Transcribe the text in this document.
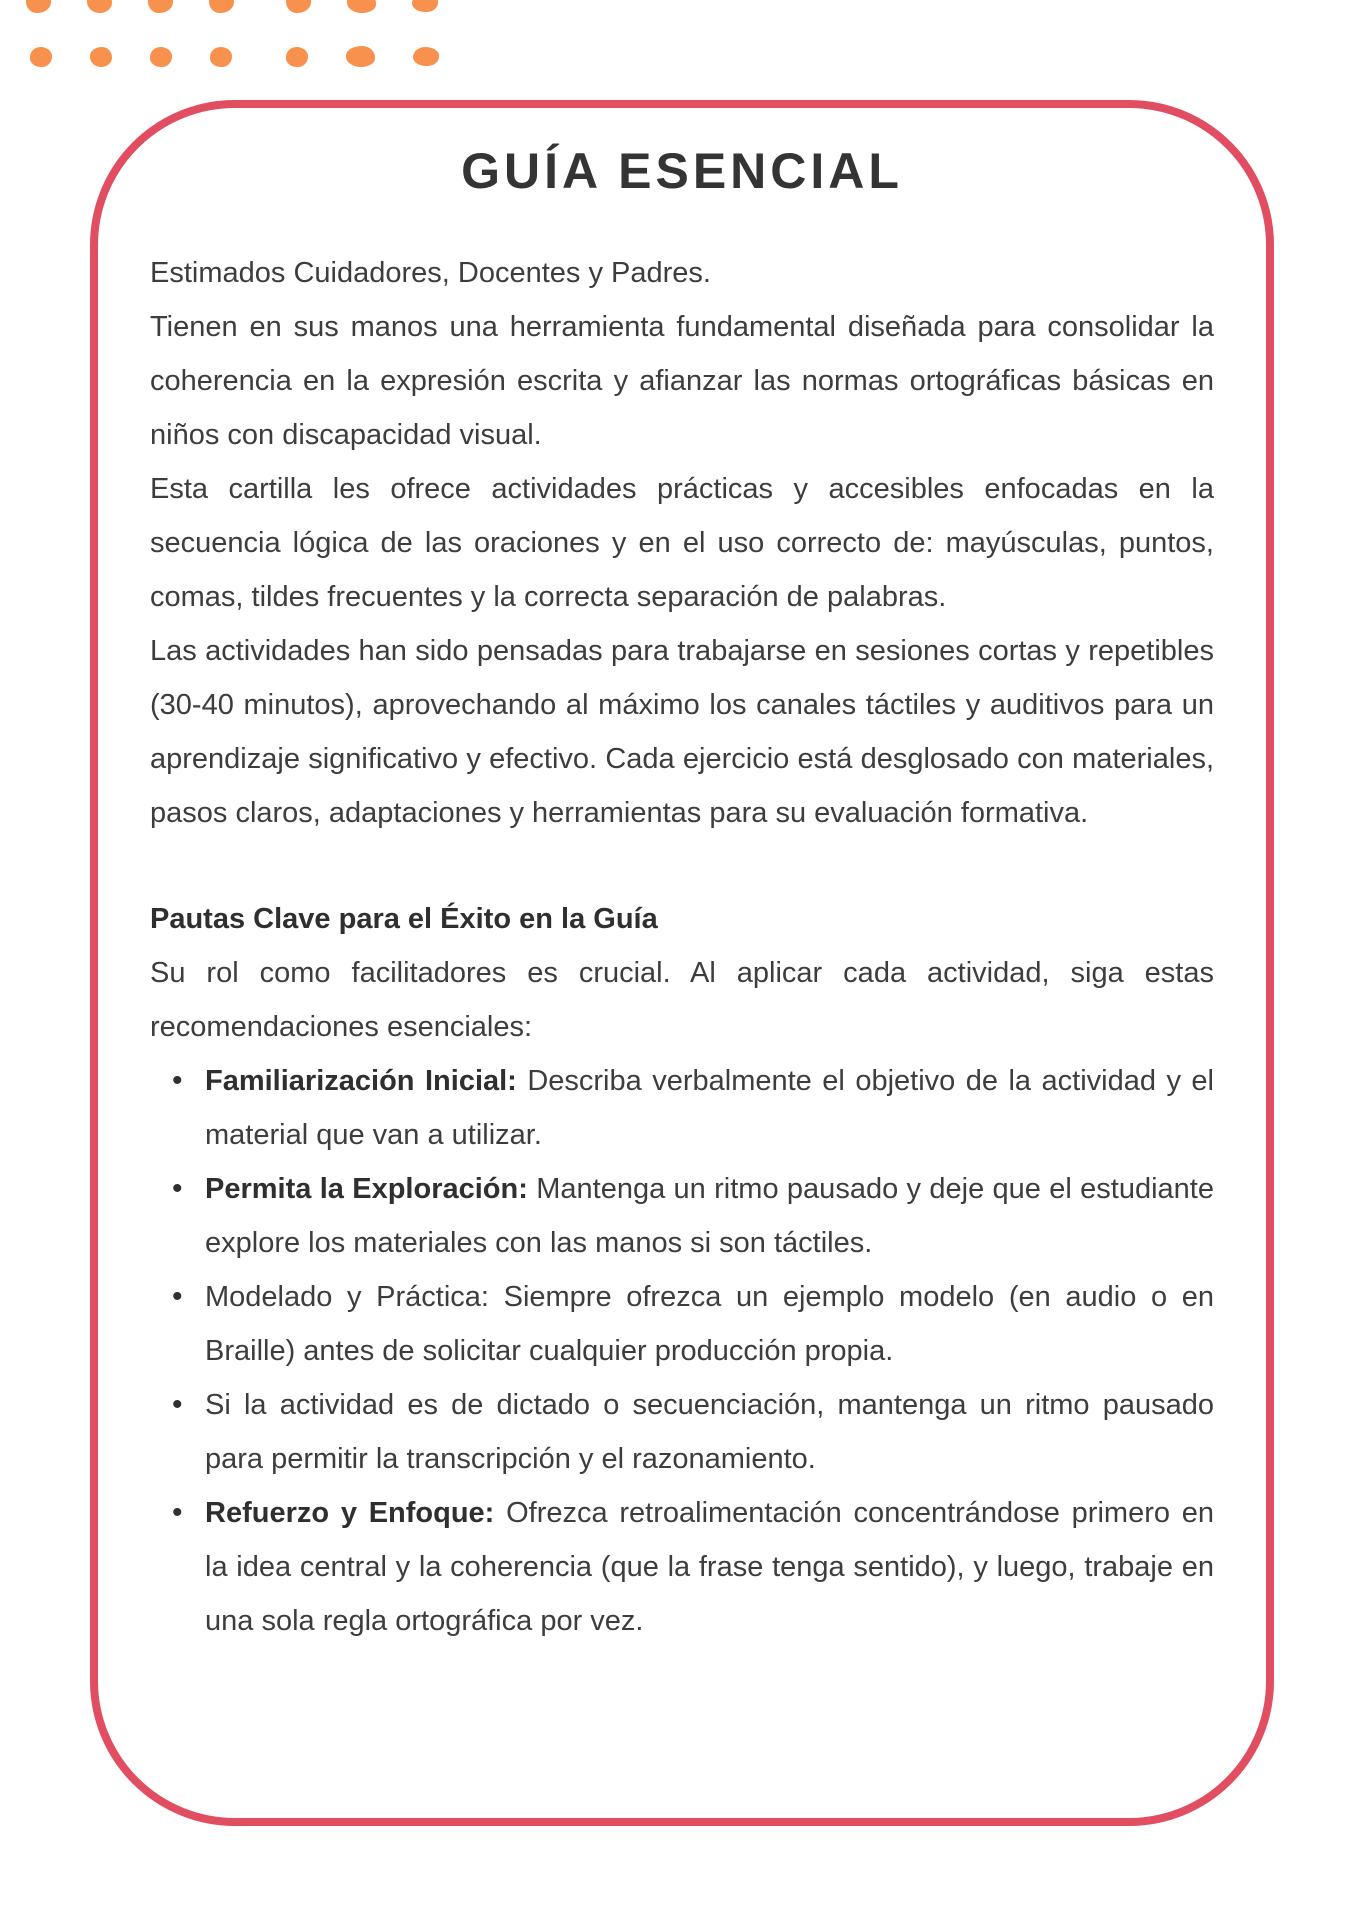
GUÍA ESENCIAL

Estimados Cuidadores, Docentes y Padres.

Tienen en sus manos una herramienta fundamental diseñada para consolidar la coherencia en la expresión escrita y afianzar las normas ortográficas básicas en niños con discapacidad visual.

Esta cartilla les ofrece actividades prácticas y accesibles enfocadas en la secuencia lógica de las oraciones y en el uso correcto de: mayúsculas, puntos, comas, tildes frecuentes y la correcta separación de palabras.

Las actividades han sido pensadas para trabajarse en sesiones cortas y repetibles (30-40 minutos), aprovechando al máximo los canales táctiles y auditivos para un aprendizaje significativo y efectivo. Cada ejercicio está desglosado con materiales, pasos claros, adaptaciones y herramientas para su evaluación formativa.

Pautas Clave para el Éxito en la Guía

Su rol como facilitadores es crucial. Al aplicar cada actividad, siga estas recomendaciones esenciales:

• Familiarización Inicial: Describa verbalmente el objetivo de la actividad y el material que van a utilizar.
• Permita la Exploración: Mantenga un ritmo pausado y deje que el estudiante explore los materiales con las manos si son táctiles.
• Modelado y Práctica: Siempre ofrezca un ejemplo modelo (en audio o en Braille) antes de solicitar cualquier producción propia.
• Si la actividad es de dictado o secuenciación, mantenga un ritmo pausado para permitir la transcripción y el razonamiento.
• Refuerzo y Enfoque: Ofrezca retroalimentación concentrándose primero en la idea central y la coherencia (que la frase tenga sentido), y luego, trabaje en una sola regla ortográfica por vez.
